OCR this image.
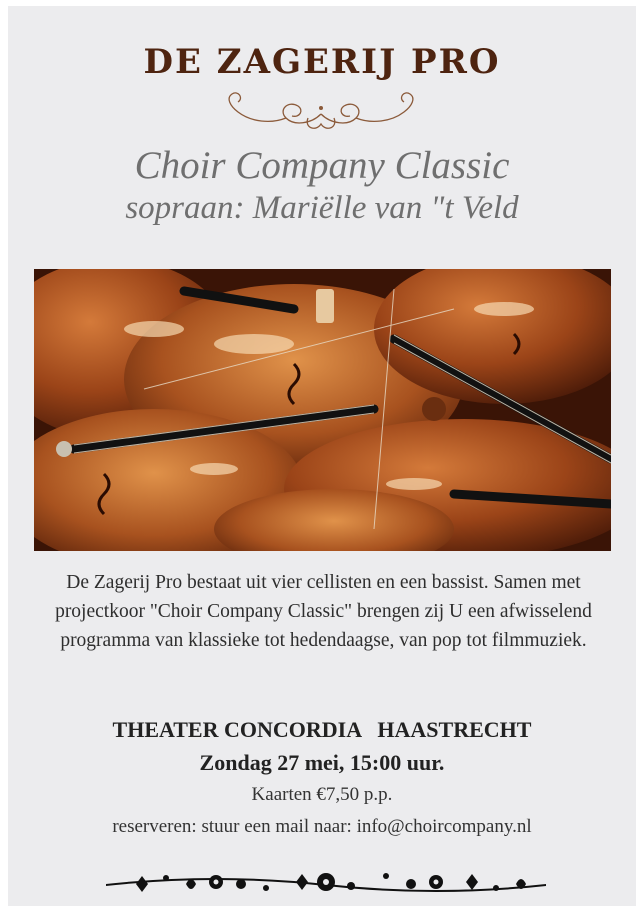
DE ZAGERIJ PRO
Choir Company Classic
sopraan: Mariëlle van "t Veld
De Zagerij Pro bestaat uit vier cellisten en een bassist. Samen met projectkoor "Choir Company Classic" brengen zij U een afwisselend programma van klassieke tot hedendaagse, van pop tot filmmuziek.
THEATER CONCORDIA   HAASTRECHT
Zondag 27 mei, 15:00 uur.
Kaarten €7,50 p.p.
reserveren: stuur een mail naar: info@choircompany.nl
